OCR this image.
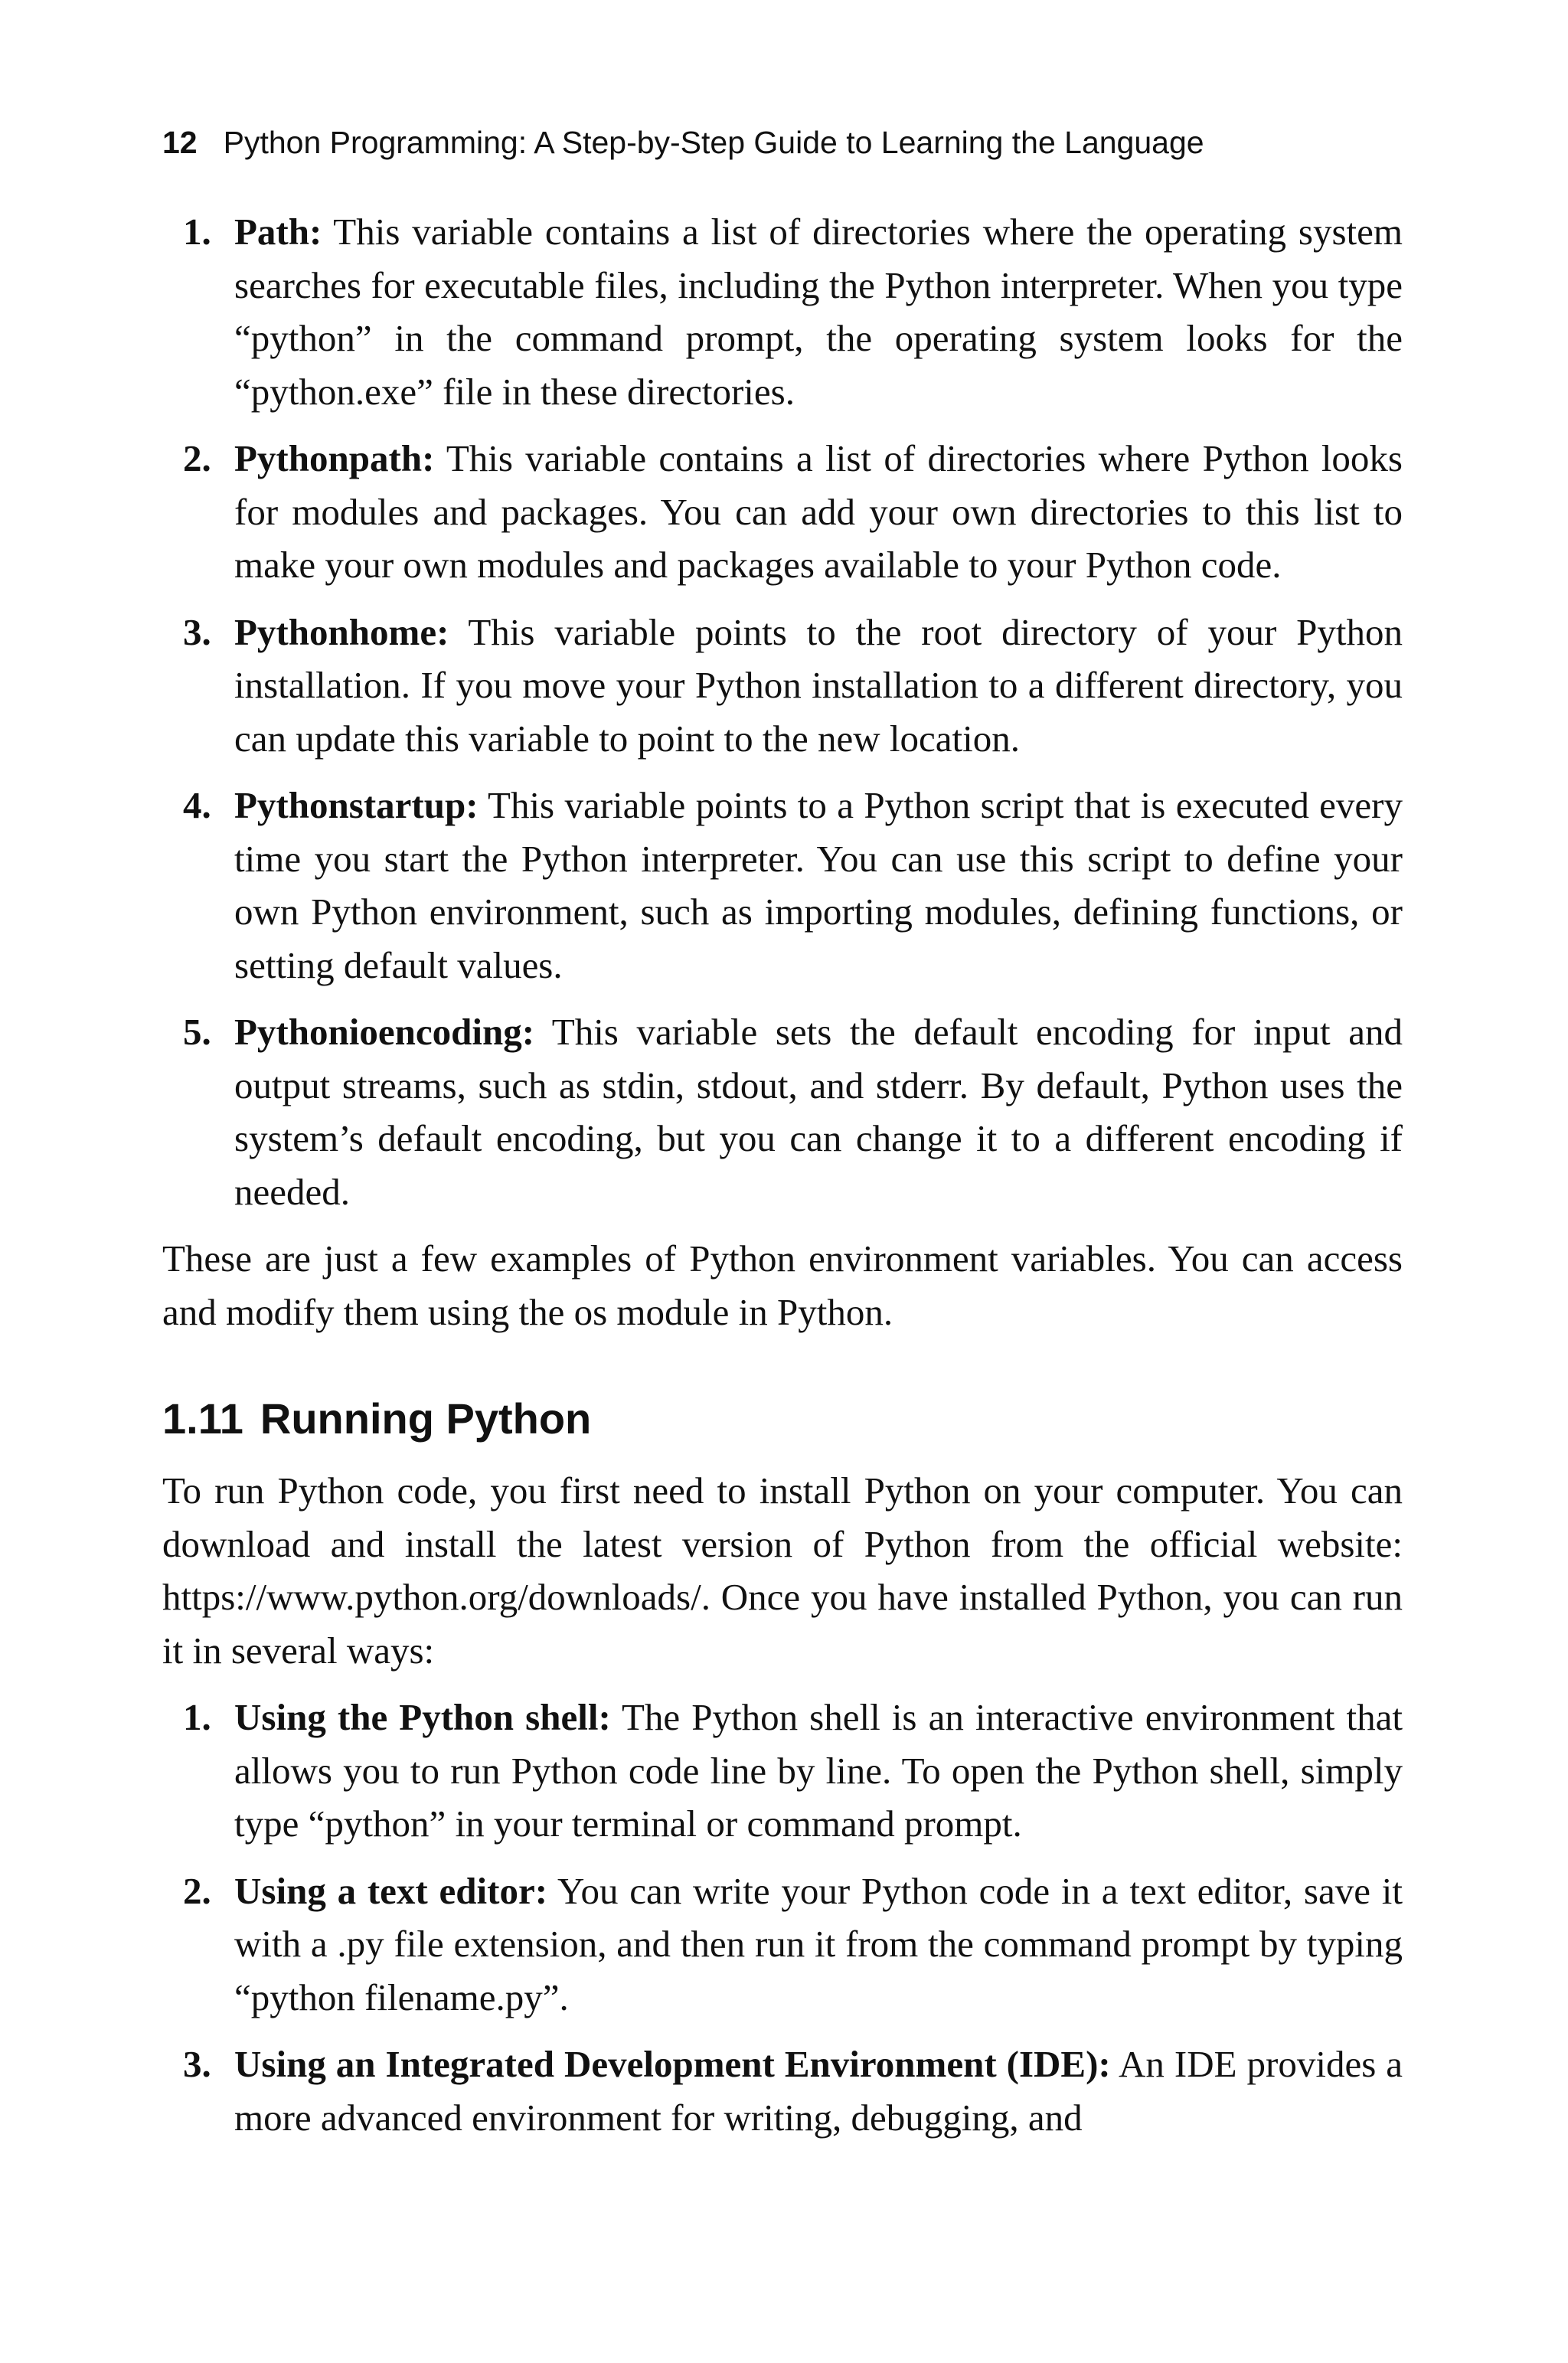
12 Python Programming: A Step-by-Step Guide to Learning the Language
1. Path: This variable contains a list of directories where the operating system searches for executable files, including the Python interpreter. When you type “python” in the command prompt, the operating system looks for the “python.exe” file in these directories.
2. Pythonpath: This variable contains a list of directories where Python looks for modules and packages. You can add your own directories to this list to make your own modules and packages available to your Python code.
3. Pythonhome: This variable points to the root directory of your Python installation. If you move your Python installation to a different directory, you can update this variable to point to the new location.
4. Pythonstartup: This variable points to a Python script that is executed every time you start the Python interpreter. You can use this script to define your own Python environment, such as importing modules, defining functions, or setting default values.
5. Pythonioencoding: This variable sets the default encoding for input and output streams, such as stdin, stdout, and stderr. By default, Python uses the system’s default encoding, but you can change it to a different encoding if needed.

These are just a few examples of Python environment variables. You can access and modify them using the os module in Python.

1.11 Running Python

To run Python code, you first need to install Python on your computer. You can download and install the latest version of Python from the official website: https://www.python.org/downloads/. Once you have installed Python, you can run it in several ways:

1. Using the Python shell: The Python shell is an interactive environment that allows you to run Python code line by line. To open the Python shell, simply type “python” in your terminal or command prompt.
2. Using a text editor: You can write your Python code in a text editor, save it with a .py file extension, and then run it from the command prompt by typing “python filename.py”.
3. Using an Integrated Development Environment (IDE): An IDE provides a more advanced environment for writing, debugging, and
